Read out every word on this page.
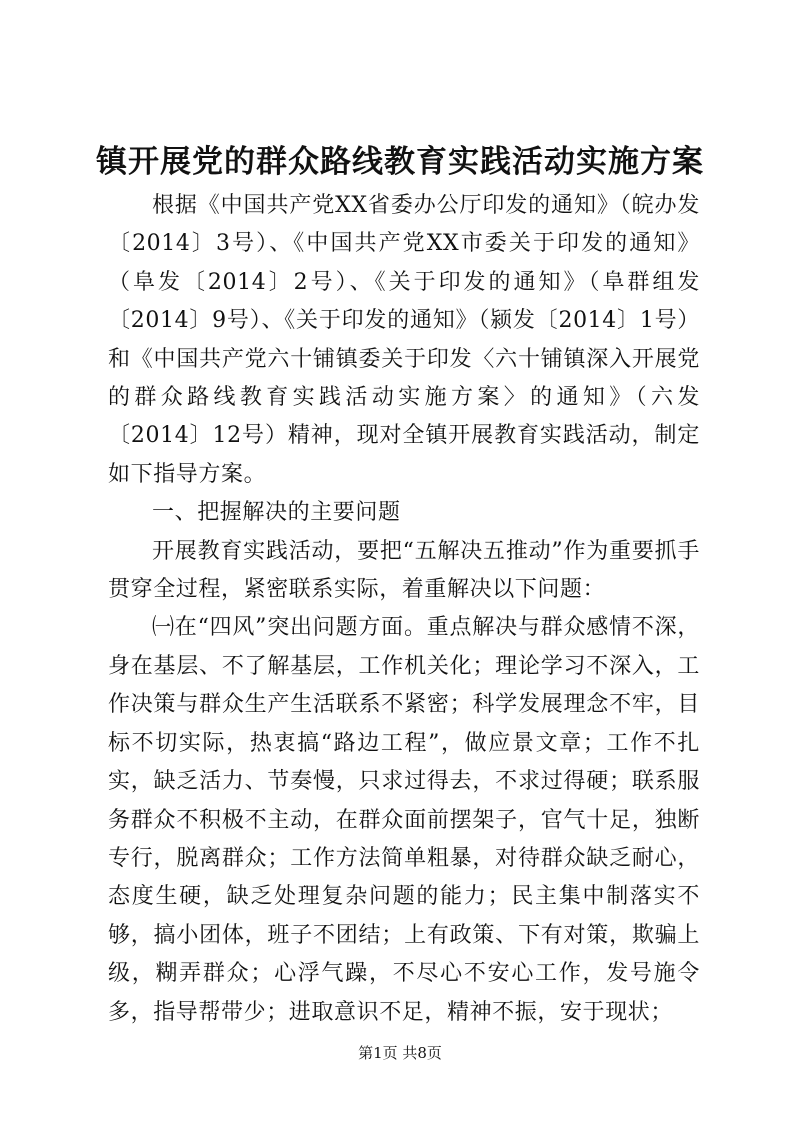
镇开展党的群众路线教育实践活动实施方案

根据《中国共产党XX省委办公厅印发的通知》（皖办发〔2014〕3号）、《中国共产党XX市委关于印发的通知》（阜发〔2014〕2号）、《关于印发的通知》（阜群组发〔2014〕9号）、《关于印发的通知》（颍发〔2014〕1号）和《中国共产党六十铺镇委关于印发〈六十铺镇深入开展党的群众路线教育实践活动实施方案〉的通知》（六发〔2014〕12号）精神，现对全镇开展教育实践活动，制定如下指导方案。

一、把握解决的主要问题

开展教育实践活动，要把“五解决五推动”作为重要抓手贯穿全过程，紧密联系实际，着重解决以下问题：

㈠在“四风”突出问题方面。重点解决与群众感情不深，身在基层、不了解基层，工作机关化；理论学习不深入，工作决策与群众生产生活联系不紧密；科学发展理念不牢，目标不切实际，热衷搞“路边工程”，做应景文章；工作不扎实，缺乏活力、节奏慢，只求过得去，不求过得硬；联系服务群众不积极不主动，在群众面前摆架子，官气十足，独断专行，脱离群众；工作方法简单粗暴，对待群众缺乏耐心，态度生硬，缺乏处理复杂问题的能力；民主集中制落实不够，搞小团体，班子不团结；上有政策、下有对策，欺骗上级，糊弄群众；心浮气躁，不尽心不安心工作，发号施令多，指导帮带少；进取意识不足，精神不振，安于现状；

第1页 共8页
